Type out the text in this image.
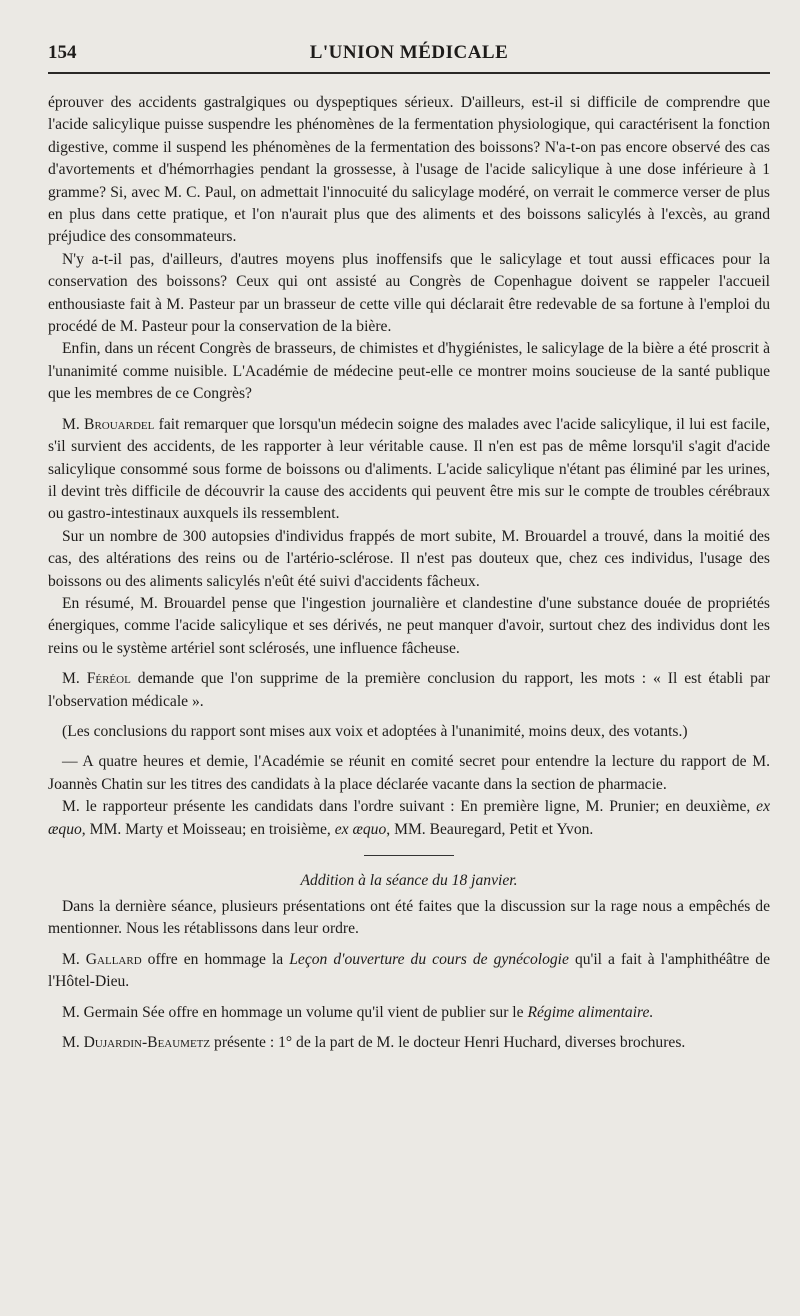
154	L'UNION MÉDICALE

éprouver des accidents gastralgiques ou dyspeptiques sérieux. D'ailleurs, est-il si difficile de comprendre que l'acide salicylique puisse suspendre les phénomènes de la fermentation physiologique, qui caractérisent la fonction digestive, comme il suspend les phénomènes de la fermentation des boissons? N'a-t-on pas encore observé des cas d'avortements et d'hémorrhagies pendant la grossesse, à l'usage de l'acide salicylique à une dose inférieure à 1 gramme? Si, avec M. C. Paul, on admettait l'innocuité du salicylage modéré, on verrait le commerce verser de plus en plus dans cette pratique, et l'on n'aurait plus que des aliments et des boissons salicylés à l'excès, au grand préjudice des consommateurs.

N'y a-t-il pas, d'ailleurs, d'autres moyens plus inoffensifs que le salicylage et tout aussi efficaces pour la conservation des boissons? Ceux qui ont assisté au Congrès de Copenhague doivent se rappeler l'accueil enthousiaste fait à M. Pasteur par un brasseur de cette ville qui déclarait être redevable de sa fortune à l'emploi du procédé de M. Pasteur pour la conservation de la bière.

Enfin, dans un récent Congrès de brasseurs, de chimistes et d'hygiénistes, le salicylage de la bière a été proscrit à l'unanimité comme nuisible. L'Académie de médecine peut-elle ce montrer moins soucieuse de la santé publique que les membres de ce Congrès?

M. Brouardel fait remarquer que lorsqu'un médecin soigne des malades avec l'acide salicylique, il lui est facile, s'il survient des accidents, de les rapporter à leur véritable cause. Il n'en est pas de même lorsqu'il s'agit d'acide salicylique consommé sous forme de boissons ou d'aliments. L'acide salicylique n'étant pas éliminé par les urines, il devint très difficile de découvrir la cause des accidents qui peuvent être mis sur le compte de troubles cérébraux ou gastro-intestinaux auxquels ils ressemblent.

Sur un nombre de 300 autopsies d'individus frappés de mort subite, M. Brouardel a trouvé, dans la moitié des cas, des altérations des reins ou de l'artério-sclérose. Il n'est pas douteux que, chez ces individus, l'usage des boissons ou des aliments salicylés n'eût été suivi d'accidents fâcheux.

En résumé, M. Brouardel pense que l'ingestion journalière et clandestine d'une substance douée de propriétés énergiques, comme l'acide salicylique et ses dérivés, ne peut manquer d'avoir, surtout chez des individus dont les reins ou le système artériel sont sclérosés, une influence fâcheuse.

M. Féréol demande que l'on supprime de la première conclusion du rapport, les mots : « Il est établi par l'observation médicale ».

(Les conclusions du rapport sont mises aux voix et adoptées à l'unanimité, moins deux, des votants.)

— A quatre heures et demie, l'Académie se réunit en comité secret pour entendre la lecture du rapport de M. Joannès Chatin sur les titres des candidats à la place déclarée vacante dans la section de pharmacie.

M. le rapporteur présente les candidats dans l'ordre suivant : En première ligne, M. Prunier; en deuxième, ex æquo, MM. Marty et Moisseau; en troisième, ex æquo, MM. Beauregard, Petit et Yvon.

Addition à la séance du 18 janvier.

Dans la dernière séance, plusieurs présentations ont été faites que la discussion sur la rage nous a empêchés de mentionner. Nous les rétablissons dans leur ordre.

M. Gallard offre en hommage la Leçon d'ouverture du cours de gynécologie qu'il a fait à l'amphithéâtre de l'Hôtel-Dieu.

M. Germain Sée offre en hommage un volume qu'il vient de publier sur le Régime alimentaire.

M. Dujardin-Beaumetz présente : 1° de la part de M. le docteur Henri Huchard, diverses brochures.
